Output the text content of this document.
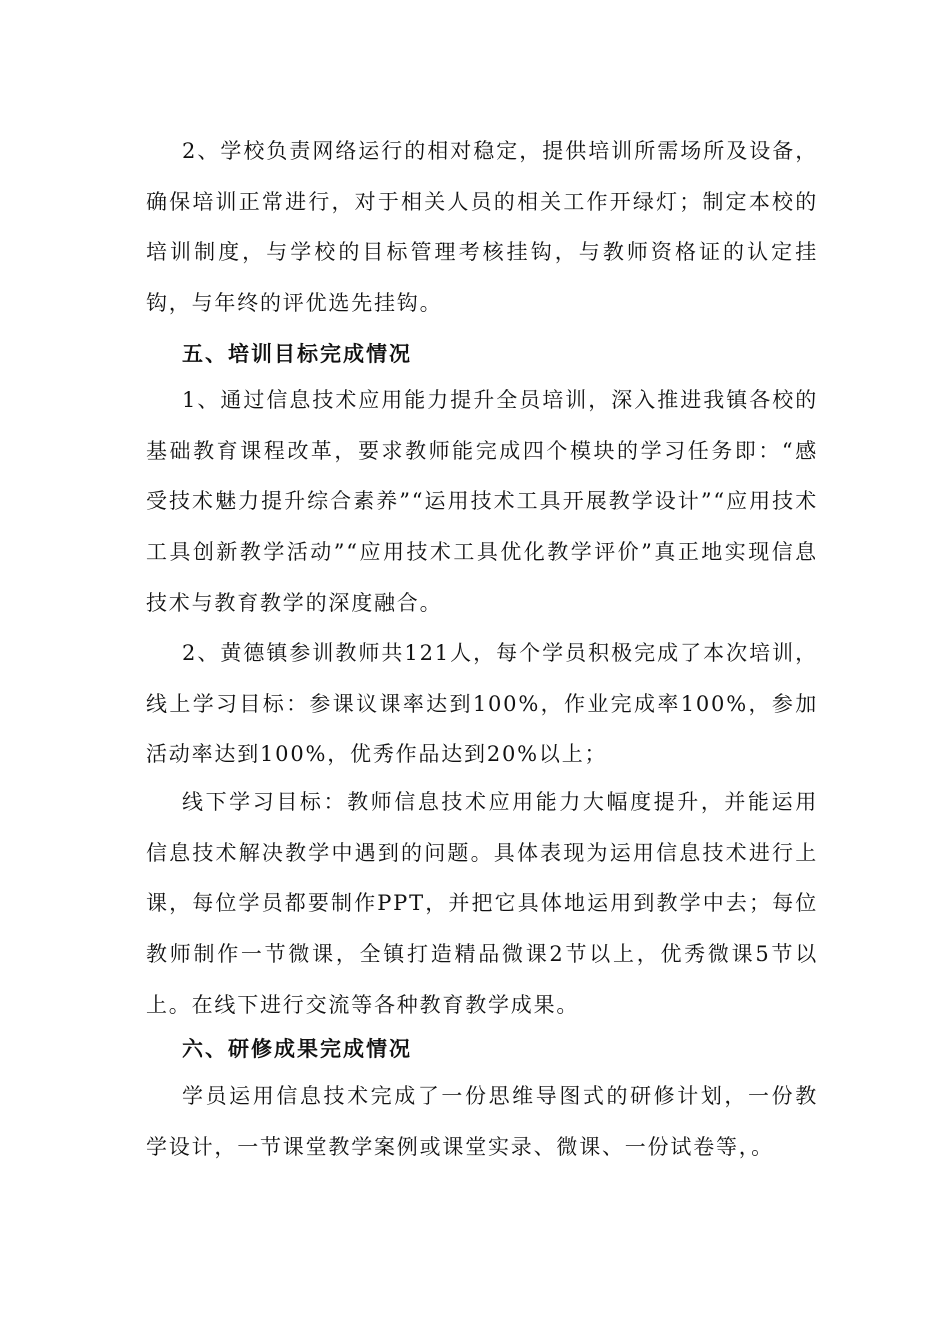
2、学校负责网络运行的相对稳定，提供培训所需场所及设备，确保培训正常进行，对于相关人员的相关工作开绿灯；制定本校的培训制度，与学校的目标管理考核挂钩，与教师资格证的认定挂钩，与年终的评优选先挂钩。

五、培训目标完成情况

1、通过信息技术应用能力提升全员培训，深入推进我镇各校的基础教育课程改革，要求教师能完成四个模块的学习任务即：“感受技术魅力提升综合素养”“运用技术工具开展教学设计”“应用技术工具创新教学活动”“应用技术工具优化教学评价”真正地实现信息技术与教育教学的深度融合。

2、黄德镇参训教师共121人，每个学员积极完成了本次培训，线上学习目标：参课议课率达到100%，作业完成率100%，参加活动率达到100%，优秀作品达到20%以上；

线下学习目标：教师信息技术应用能力大幅度提升，并能运用信息技术解决教学中遇到的问题。具体表现为运用信息技术进行上课，每位学员都要制作PPT，并把它具体地运用到教学中去；每位教师制作一节微课，全镇打造精品微课2节以上，优秀微课5节以上。在线下进行交流等各种教育教学成果。

六、研修成果完成情况

学员运用信息技术完成了一份思维导图式的研修计划，一份教学设计，一节课堂教学案例或课堂实录、微课、一份试卷等，。
